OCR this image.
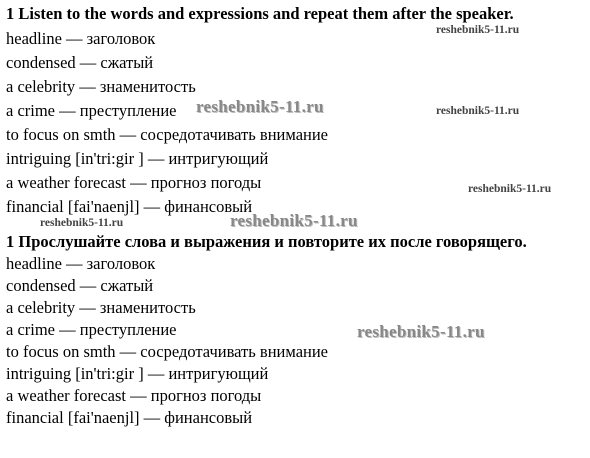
1 Listen to the words and expressions and repeat them after the speaker.
headline — заголовок
condensed — сжатый
a celebrity — знаменитость
a crime — преступление
to focus on smth — сосредотачивать внимание
intriguing [in'tri:gir ] — интригующий
a weather forecast — прогноз погоды
financial [fai'naenjl] — финансовый
1 Прослушайте слова и выражения и повторите их после говорящего.
headline — заголовок
condensed — сжатый
a celebrity — знаменитость
a crime — преступление
to focus on smth — сосредотачивать внимание
intriguing [in'tri:gir ] — интригующий
a weather forecast — прогноз погоды
financial [fai'naenjl] — финансовый
reshebnik5-11.ru
reshebnik5-11.ru	reshebnik5-11.ru
reshebnik5-11.ru
reshebnik5-11.ru	reshebnik5-11.ru
reshebnik5-11.ru
